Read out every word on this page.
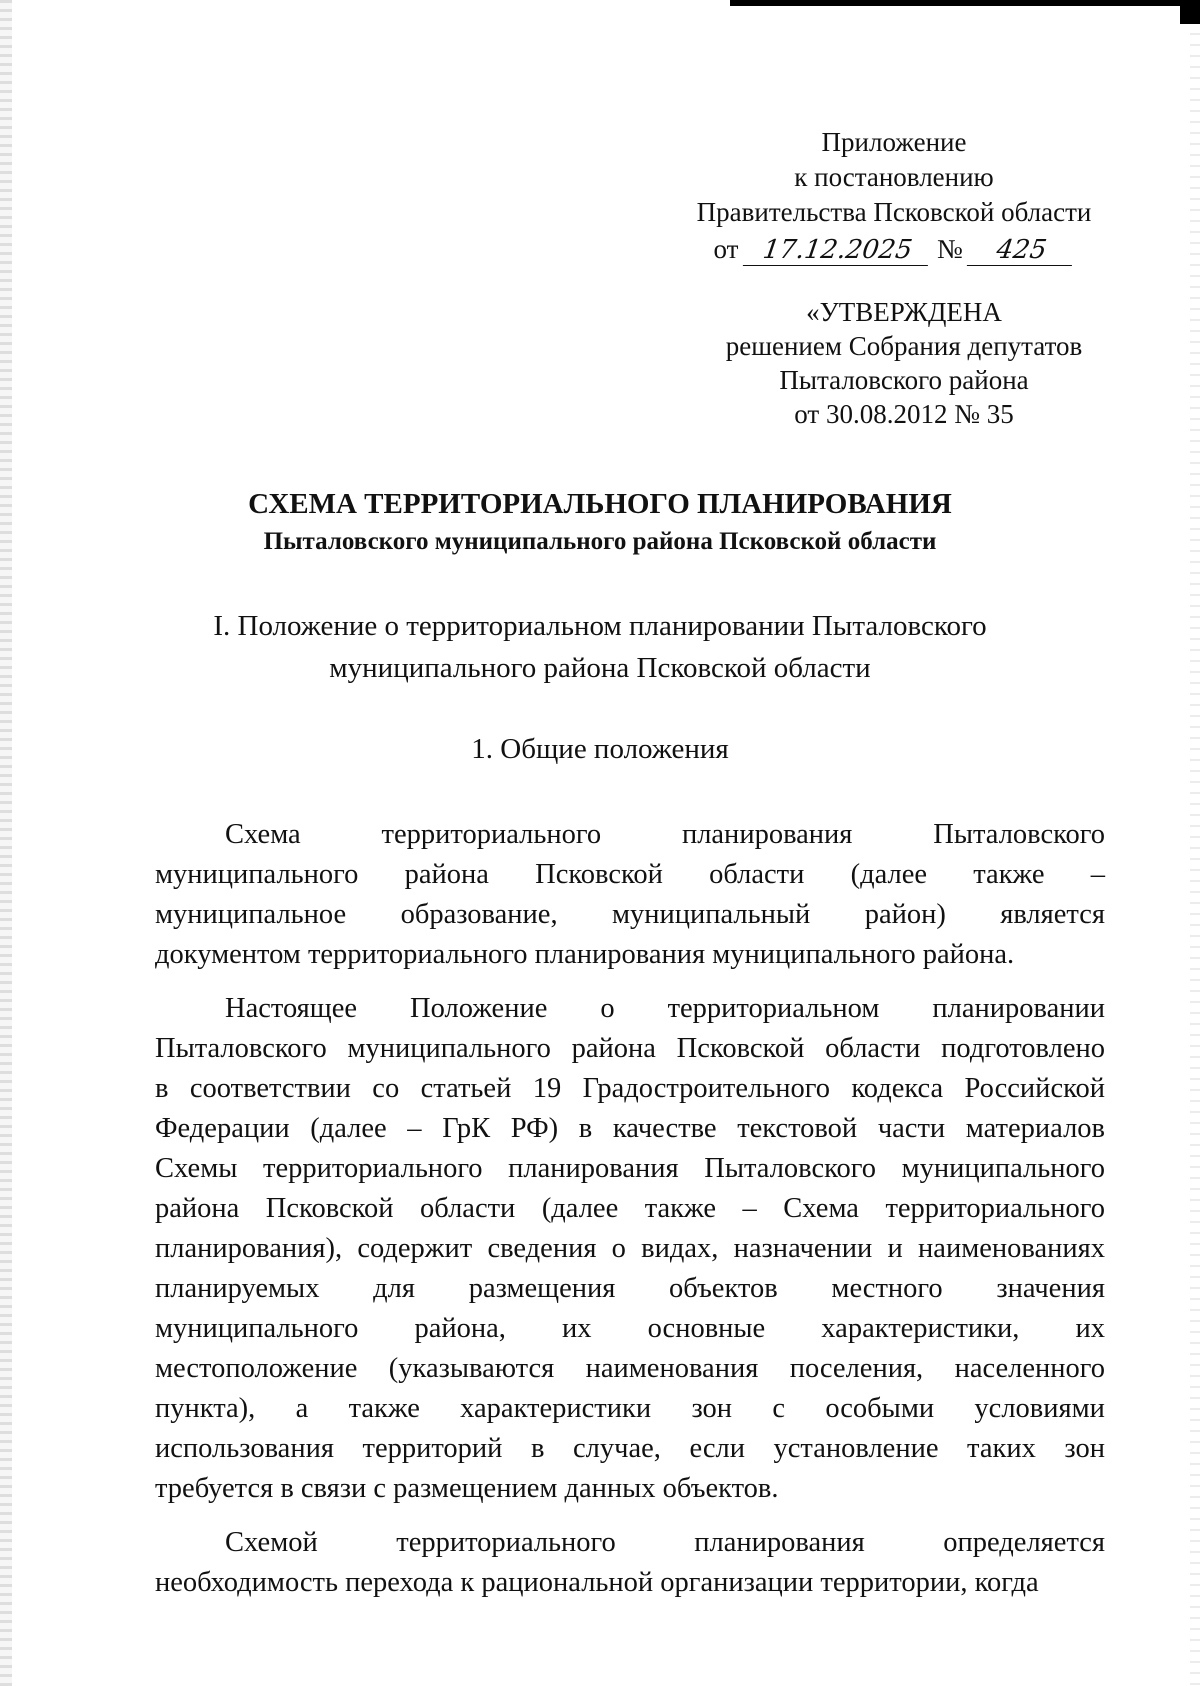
Приложение
к постановлению
Правительства Псковской области
от 17.12.2025 № 425
«УТВЕРЖДЕНА
решением Собрания депутатов
Пыталовского района
от 30.08.2012 № 35
СХЕМА ТЕРРИТОРИАЛЬНОГО ПЛАНИРОВАНИЯ
Пыталовского муниципального района Псковской области
I. Положение о территориальном планировании Пыталовского
муниципального района Псковской области
1. Общие положения
Схема	территориального	планирования	Пыталовского
муниципального района Псковской области (далее также –
муниципальное образование, муниципальный район) является
документом территориального планирования муниципального района.
Настоящее Положение о территориальном планировании
Пыталовского муниципального района Псковской области подготовлено
в соответствии со статьей 19 Градостроительного кодекса Российской
Федерации (далее – ГрК РФ) в качестве текстовой части материалов
Схемы территориального планирования Пыталовского муниципального
района Псковской области (далее также – Схема территориального
планирования), содержит сведения о видах, назначении и наименованиях
планируемых для размещения объектов местного значения
муниципального района, их основные характеристики, их
местоположение (указываются наименования поселения, населенного
пункта), а также характеристики зон с особыми условиями
использования территорий в случае, если установление таких зон
требуется в связи с размещением данных объектов.
Схемой	территориального	планирования	определяется
необходимость перехода к рациональной организации территории, когда
